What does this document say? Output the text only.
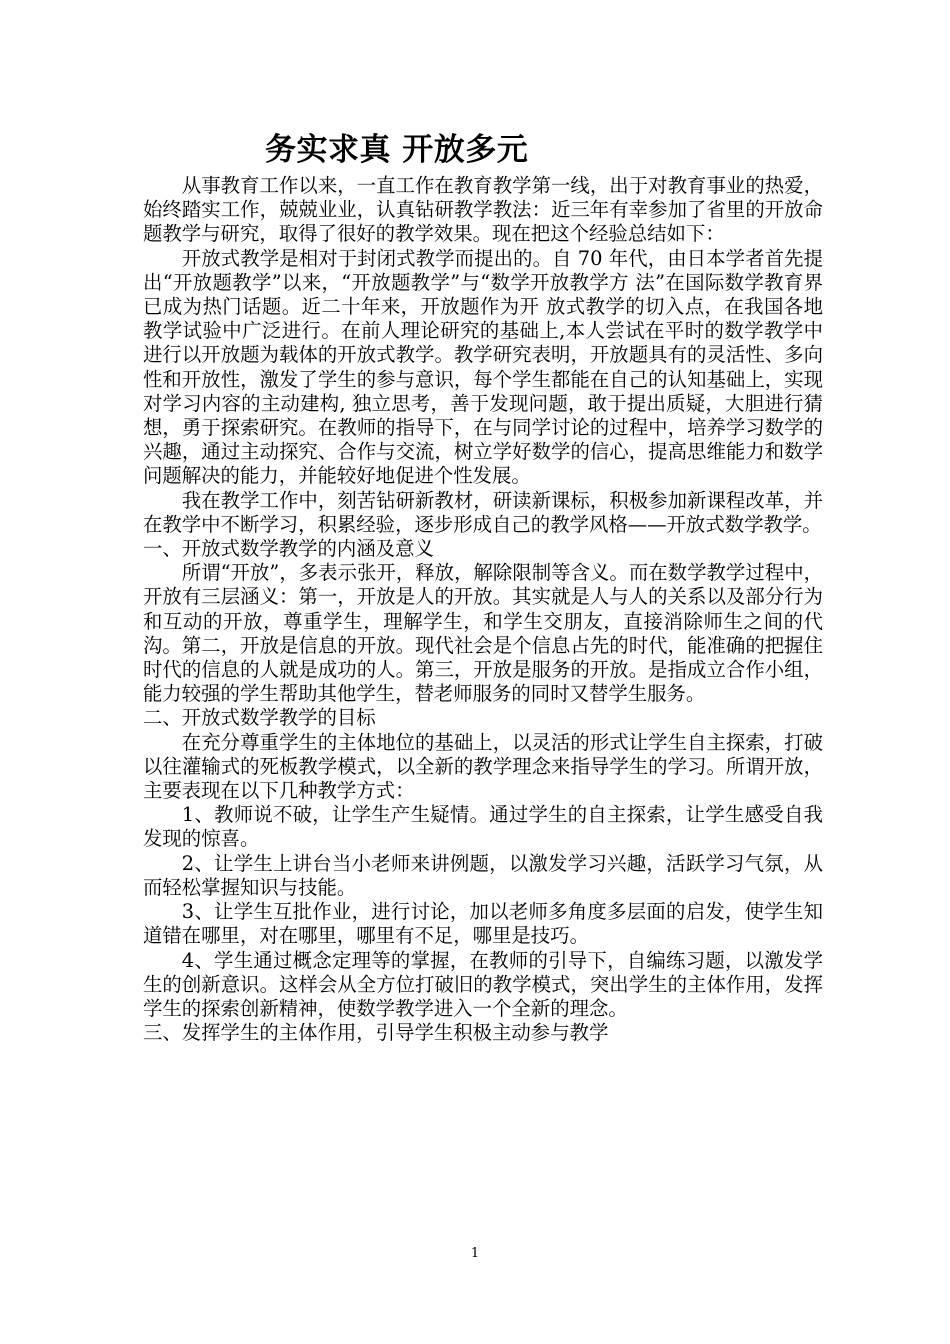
务实求真 开放多元

从事教育工作以来，一直工作在教育教学第一线，出于对教育事业的热爱，始终踏实工作，兢兢业业，认真钻研教学教法：近三年有幸参加了省里的开放命题教学与研究，取得了很好的教学效果。现在把这个经验总结如下：

开放式教学是相对于封闭式教学而提出的。自 70 年代，由日本学者首先提出“开放题教学”以来，“开放题教学”与“数学开放教学方 法”在国际数学教育界已成为热门话题。近二十年来，开放题作为开 放式教学的切入点，在我国各地教学试验中广泛进行。在前人理论研究的基础上,本人尝试在平时的数学教学中进行以开放题为载体的开放式教学。教学研究表明，开放题具有的灵活性、多向性和开放性，激发了学生的参与意识，每个学生都能在自己的认知基础上，实现对学习内容的主动建构, 独立思考，善于发现问题，敢于提出质疑，大胆进行猜想，勇于探索研究。在教师的指导下，在与同学讨论的过程中，培养学习数学的兴趣，通过主动探究、合作与交流，树立学好数学的信心，提高思维能力和数学问题解决的能力，并能较好地促进个性发展。

我在教学工作中，刻苦钻研新教材，研读新课标，积极参加新课程改革，并在教学中不断学习，积累经验，逐步形成自己的教学风格——开放式数学教学。

一、开放式数学教学的内涵及意义

所谓“开放”，多表示张开，释放，解除限制等含义。而在数学教学过程中，开放有三层涵义：第一，开放是人的开放。其实就是人与人的关系以及部分行为和互动的开放，尊重学生，理解学生，和学生交朋友，直接消除师生之间的代沟。第二，开放是信息的开放。现代社会是个信息占先的时代，能准确的把握住时代的信息的人就是成功的人。第三，开放是服务的开放。是指成立合作小组，能力较强的学生帮助其他学生，替老师服务的同时又替学生服务。

二、开放式数学教学的目标

在充分尊重学生的主体地位的基础上，以灵活的形式让学生自主探索，打破以往灌输式的死板教学模式，以全新的教学理念来指导学生的学习。所谓开放，主要表现在以下几种教学方式：

1、教师说不破，让学生产生疑情。通过学生的自主探索，让学生感受自我发现的惊喜。

2、让学生上讲台当小老师来讲例题，以激发学习兴趣，活跃学习气氛，从而轻松掌握知识与技能。

3、让学生互批作业，进行讨论，加以老师多角度多层面的启发，使学生知道错在哪里，对在哪里，哪里有不足，哪里是技巧。

4、学生通过概念定理等的掌握，在教师的引导下，自编练习题，以激发学生的创新意识。这样会从全方位打破旧的教学模式，突出学生的主体作用，发挥学生的探索创新精神，使数学教学进入一个全新的理念。

三、发挥学生的主体作用，引导学生积极主动参与教学

1
